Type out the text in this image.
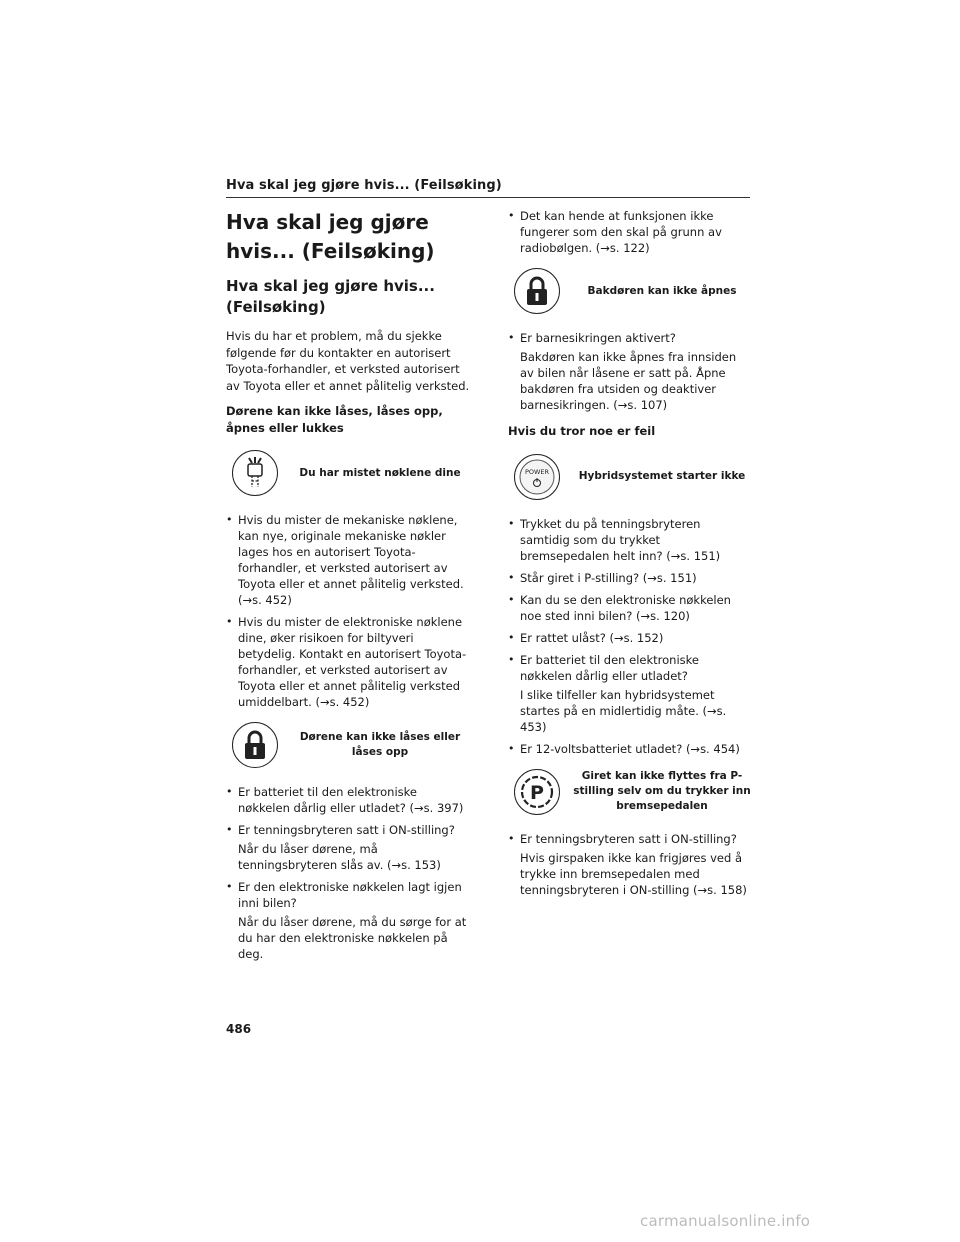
Hva skal jeg gjøre hvis... (Feilsøking)
Hva skal jeg gjøre hvis... (Feilsøking)
Hva skal jeg gjøre hvis... (Feilsøking)

Hvis du har et problem, må du sjekke følgende før du kontakter en autorisert Toyota-forhandler, et verksted autorisert av Toyota eller et annet pålitelig verksted.

Dørene kan ikke låses, låses opp, åpnes eller lukkes
Du har mistet nøklene dine
• Hvis du mister de mekaniske nøklene, kan nye, originale mekaniske nøkler lages hos en autorisert Toyota-forhandler, et verksted autorisert av Toyota eller et annet pålitelig verksted. (→s. 452)
• Hvis du mister de elektroniske nøklene dine, øker risikoen for biltyveri betydelig. Kontakt en autorisert Toyota-forhandler, et verksted autorisert av Toyota eller et annet pålitelig verksted umiddelbart. (→s. 452)
Dørene kan ikke låses eller låses opp
• Er batteriet til den elektroniske nøkkelen dårlig eller utladet? (→s. 397)
• Er tenningsbryteren satt i ON-stilling?
Når du låser dørene, må tenningsbryteren slås av. (→s. 153)
• Er den elektroniske nøkkelen lagt igjen inni bilen?
Når du låser dørene, må du sørge for at du har den elektroniske nøkkelen på deg.
• Det kan hende at funksjonen ikke fungerer som den skal på grunn av radiobølgen. (→s. 122)
Bakdøren kan ikke åpnes
• Er barnesikringen aktivert?
Bakdøren kan ikke åpnes fra innsiden av bilen når låsene er satt på. Åpne bakdøren fra utsiden og deaktiver barnesikringen. (→s. 107)
Hvis du tror noe er feil
POWER	Hybridsystemet starter ikke
• Trykket du på tenningsbryteren samtidig som du trykket bremsepedalen helt inn? (→s. 151)
• Står giret i P-stilling? (→s. 151)
• Kan du se den elektroniske nøkkelen noe sted inni bilen? (→s. 120)
• Er rattet ulåst? (→s. 152)
• Er batteriet til den elektroniske nøkkelen dårlig eller utladet?
I slike tilfeller kan hybridsystemet startes på en midlertidig måte. (→s. 453)
• Er 12-voltsbatteriet utladet? (→s. 454)
P
Giret kan ikke flyttes fra P-stilling selv om du trykker inn bremsepedalen
• Er tenningsbryteren satt i ON-stilling?
Hvis girspaken ikke kan frigjøres ved å trykke inn bremsepedalen med tenningsbryteren i ON-stilling (→s. 158)
486
carmanualsonline.info
